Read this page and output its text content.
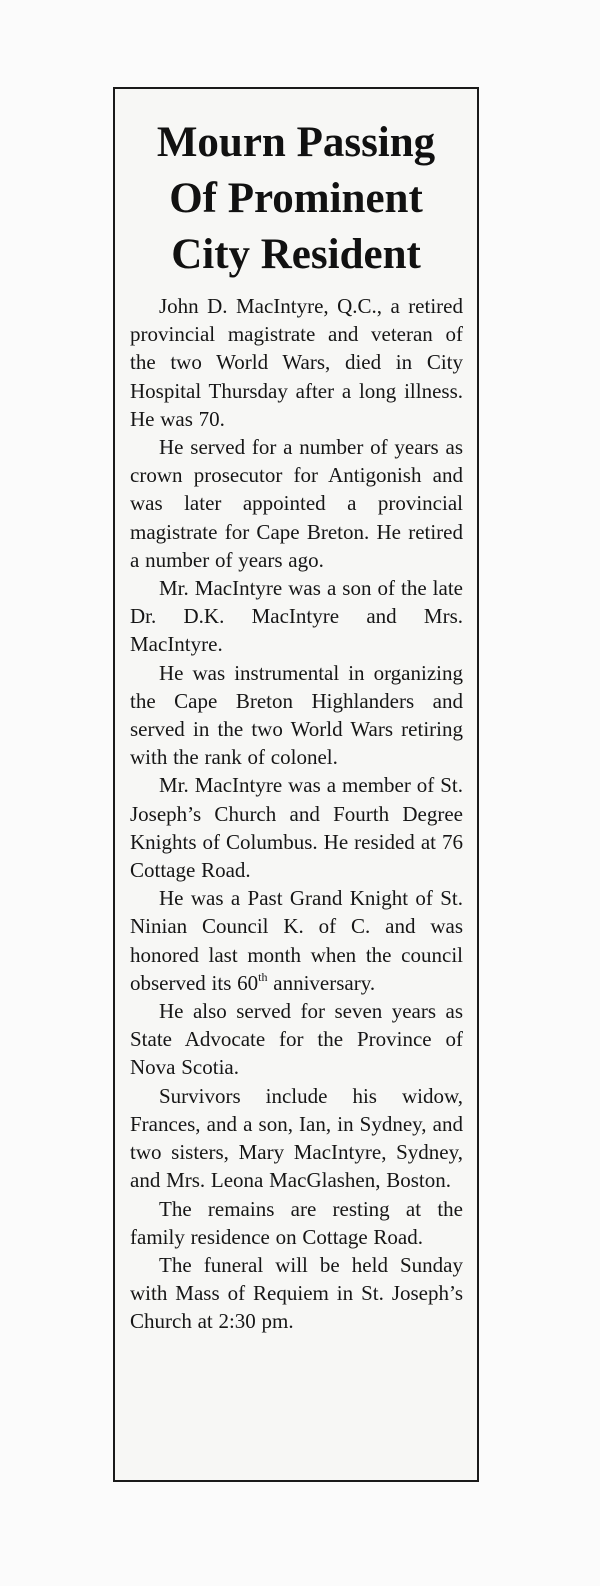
Mourn Passing
Of Prominent
City Resident

John D. MacIntyre, Q.C., a retired provincial magistrate and veteran of the two World Wars, died in City Hospital Thursday after a long illness. He was 70.

He served for a number of years as crown prosecutor for Antigonish and was later appointed a provincial magistrate for Cape Breton. He retired a number of years ago.

Mr. MacIntyre was a son of the late Dr. D.K. MacIntyre and Mrs. MacIntyre.

He was instrumental in organizing the Cape Breton Highlanders and served in the two World Wars retiring with the rank of colonel.

Mr. MacIntyre was a member of St. Joseph’s Church and Fourth Degree Knights of Columbus. He resided at 76 Cottage Road.

He was a Past Grand Knight of St. Ninian Council K. of C. and was honored last month when the council observed its 60th anniversary.

He also served for seven years as State Advocate for the Province of Nova Scotia.

Survivors include his widow, Frances, and a son, Ian, in Sydney, and two sisters, Mary MacIntyre, Sydney, and Mrs. Leona MacGlashen, Boston.

The remains are resting at the family residence on Cottage Road.

The funeral will be held Sunday with Mass of Requiem in St. Joseph’s Church at 2:30 pm.
